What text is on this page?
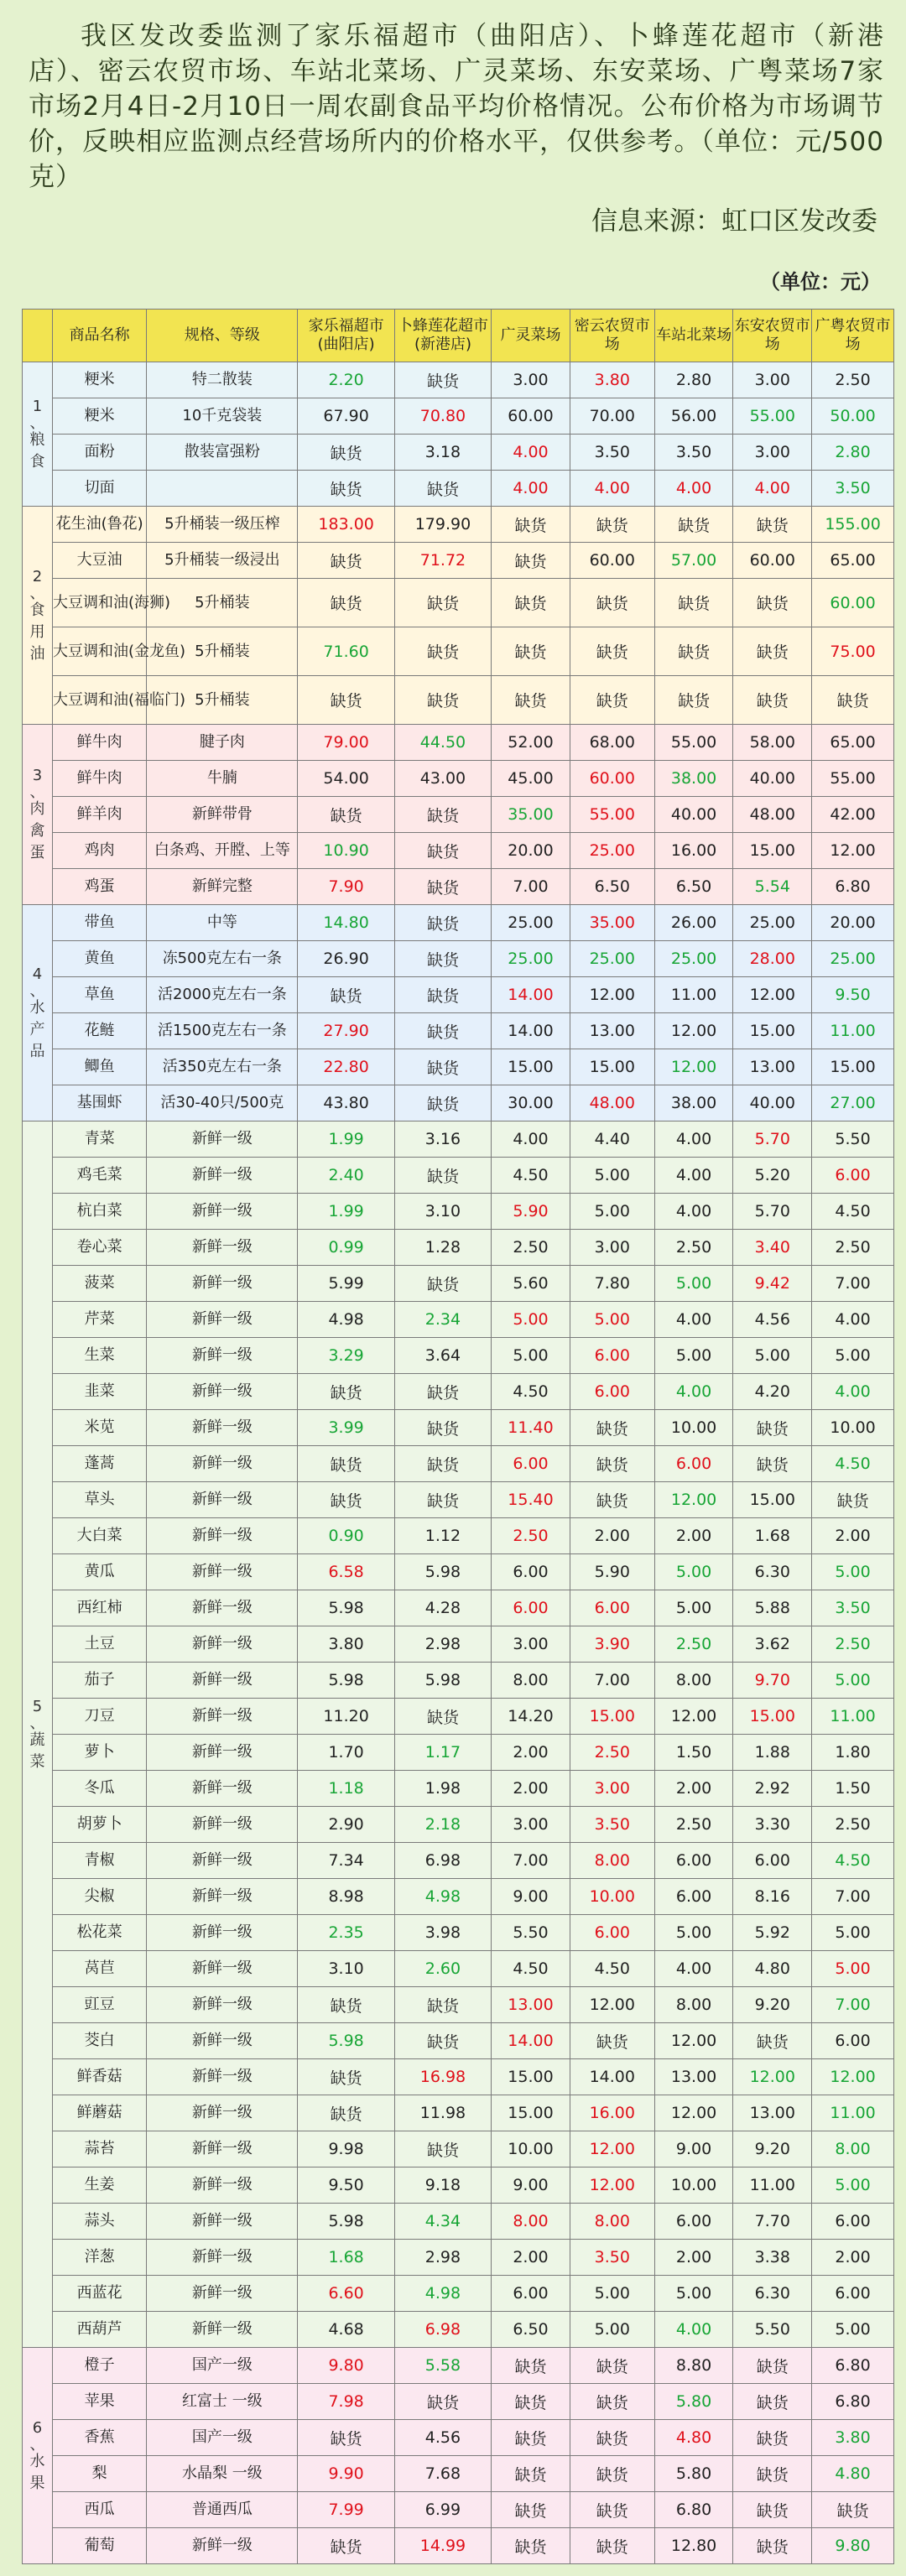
我区发改委监测了家乐福超市（曲阳店）、卜蜂莲花超市（新港店）、密云农贸市场、车站北菜场、广灵菜场、东安菜场、广粤菜场7家市场2月4日-2月10日一周农副食品平均价格情况。公布价格为市场调节价，反映相应监测点经营场所内的价格水平，仅供参考。（单位：元/500克）
信息来源：虹口区发改委
（单位：元）
	商品名称	规格、等级	家乐福超市(曲阳店)	卜蜂莲花超市(新港店)	广灵菜场	密云农贸市场	车站北菜场	东安农贸市场	广粤农贸市场

1
、
粮食	粳米	特二散装	2.20	缺货	3.00	3.80	2.80	3.00	2.50
	粳米	10千克袋装	67.90	70.80	60.00	70.00	56.00	55.00	50.00
	面粉	散装富强粉	缺货	3.18	4.00	3.50	3.50	3.00	2.80
	切面		缺货	缺货	4.00	4.00	4.00	4.00	3.50

2
、
食用油	花生油(鲁花)	5升桶装一级压榨	183.00	179.90	缺货	缺货	缺货	缺货	155.00
	大豆油	5升桶装一级浸出	缺货	71.72	缺货	60.00	57.00	60.00	65.00
	大豆调和油(海狮)	5升桶装	缺货	缺货	缺货	缺货	缺货	缺货	60.00
	大豆调和油(金龙鱼)	5升桶装	71.60	缺货	缺货	缺货	缺货	缺货	75.00
	大豆调和油(福临门)	5升桶装	缺货	缺货	缺货	缺货	缺货	缺货	缺货

3
、
肉禽蛋	鲜牛肉	腱子肉	79.00	44.50	52.00	68.00	55.00	58.00	65.00
	鲜牛肉	牛腩	54.00	43.00	45.00	60.00	38.00	40.00	55.00
	鲜羊肉	新鲜带骨	缺货	缺货	35.00	55.00	40.00	48.00	42.00
	鸡肉	白条鸡、开膛、上等	10.90	缺货	20.00	25.00	16.00	15.00	12.00
	鸡蛋	新鲜完整	7.90	缺货	7.00	6.50	6.50	5.54	6.80

4
、
水产品	带鱼	中等	14.80	缺货	25.00	35.00	26.00	25.00	20.00
	黄鱼	冻500克左右一条	26.90	缺货	25.00	25.00	25.00	28.00	25.00
	草鱼	活2000克左右一条	缺货	缺货	14.00	12.00	11.00	12.00	9.50
	花鲢	活1500克左右一条	27.90	缺货	14.00	13.00	12.00	15.00	11.00
	鲫鱼	活350克左右一条	22.80	缺货	15.00	15.00	12.00	13.00	15.00
	基围虾	活30-40只/500克	43.80	缺货	30.00	48.00	38.00	40.00	27.00

5
、
蔬菜	青菜	新鲜一级	1.99	3.16	4.00	4.40	4.00	5.70	5.50
	鸡毛菜	新鲜一级	2.40	缺货	4.50	5.00	4.00	5.20	6.00
	杭白菜	新鲜一级	1.99	3.10	5.90	5.00	4.00	5.70	4.50
	卷心菜	新鲜一级	0.99	1.28	2.50	3.00	2.50	3.40	2.50
	菠菜	新鲜一级	5.99	缺货	5.60	7.80	5.00	9.42	7.00
	芹菜	新鲜一级	4.98	2.34	5.00	5.00	4.00	4.56	4.00
	生菜	新鲜一级	3.29	3.64	5.00	6.00	5.00	5.00	5.00
	韭菜	新鲜一级	缺货	缺货	4.50	6.00	4.00	4.20	4.00
	米苋	新鲜一级	3.99	缺货	11.40	缺货	10.00	缺货	10.00
	蓬蒿	新鲜一级	缺货	缺货	6.00	缺货	6.00	缺货	4.50
	草头	新鲜一级	缺货	缺货	15.40	缺货	12.00	15.00	缺货
	大白菜	新鲜一级	0.90	1.12	2.50	2.00	2.00	1.68	2.00
	黄瓜	新鲜一级	6.58	5.98	6.00	5.90	5.00	6.30	5.00
	西红柿	新鲜一级	5.98	4.28	6.00	6.00	5.00	5.88	3.50
	土豆	新鲜一级	3.80	2.98	3.00	3.90	2.50	3.62	2.50
	茄子	新鲜一级	5.98	5.98	8.00	7.00	8.00	9.70	5.00
	刀豆	新鲜一级	11.20	缺货	14.20	15.00	12.00	15.00	11.00
	萝卜	新鲜一级	1.70	1.17	2.00	2.50	1.50	1.88	1.80
	冬瓜	新鲜一级	1.18	1.98	2.00	3.00	2.00	2.92	1.50
	胡萝卜	新鲜一级	2.90	2.18	3.00	3.50	2.50	3.30	2.50
	青椒	新鲜一级	7.34	6.98	7.00	8.00	6.00	6.00	4.50
	尖椒	新鲜一级	8.98	4.98	9.00	10.00	6.00	8.16	7.00
	松花菜	新鲜一级	2.35	3.98	5.50	6.00	5.00	5.92	5.00
	莴苣	新鲜一级	3.10	2.60	4.50	4.50	4.00	4.80	5.00
	豇豆	新鲜一级	缺货	缺货	13.00	12.00	8.00	9.20	7.00
	茭白	新鲜一级	5.98	缺货	14.00	缺货	12.00	缺货	6.00
	鲜香菇	新鲜一级	缺货	16.98	15.00	14.00	13.00	12.00	12.00
	鲜蘑菇	新鲜一级	缺货	11.98	15.00	16.00	12.00	13.00	11.00
	蒜苔	新鲜一级	9.98	缺货	10.00	12.00	9.00	9.20	8.00
	生姜	新鲜一级	9.50	9.18	9.00	12.00	10.00	11.00	5.00
	蒜头	新鲜一级	5.98	4.34	8.00	8.00	6.00	7.70	6.00
	洋葱	新鲜一级	1.68	2.98	2.00	3.50	2.00	3.38	2.00
	西蓝花	新鲜一级	6.60	4.98	6.00	5.00	5.00	6.30	6.00
	西葫芦	新鲜一级	4.68	6.98	6.50	5.00	4.00	5.50	5.00

6
、
水果	橙子	国产一级	9.80	5.58	缺货	缺货	8.80	缺货	6.80
	苹果	红富士 一级	7.98	缺货	缺货	缺货	5.80	缺货	6.80
	香蕉	国产一级	缺货	4.56	缺货	缺货	4.80	缺货	3.80
	梨	水晶梨 一级	9.90	7.68	缺货	缺货	5.80	缺货	4.80
	西瓜	普通西瓜	7.99	6.99	缺货	缺货	6.80	缺货	缺货
	葡萄	新鲜一级	缺货	14.99	缺货	缺货	12.80	缺货	9.80
